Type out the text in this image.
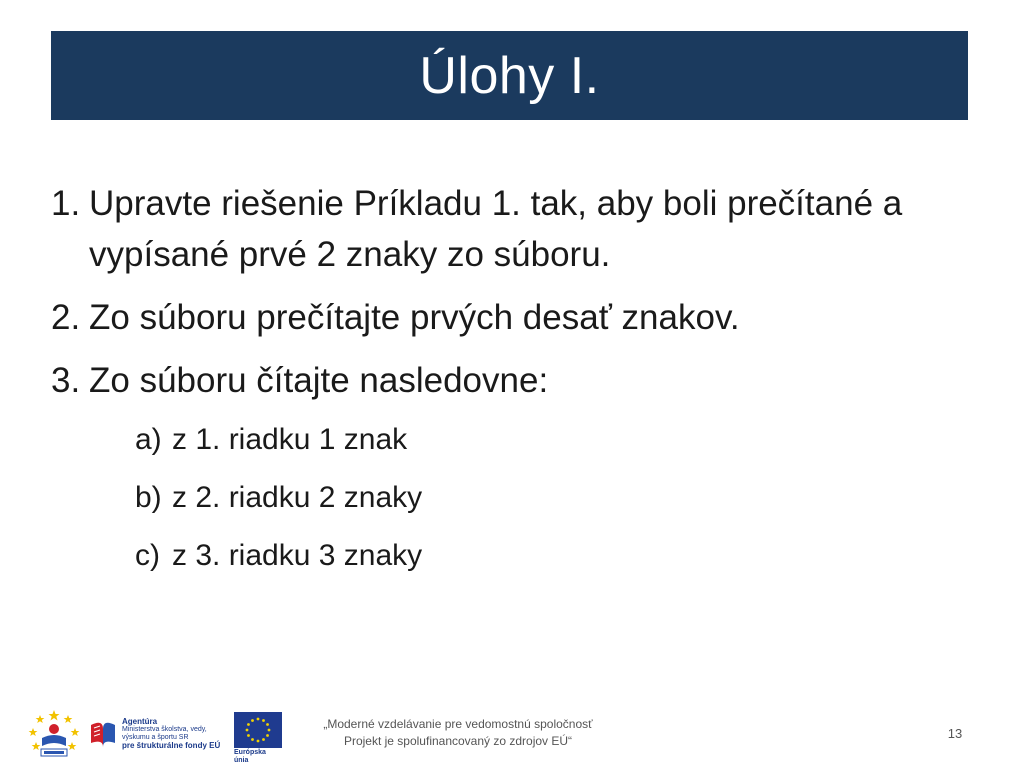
Úlohy I.
1. Upravte riešenie Príkladu 1. tak, aby boli prečítané a vypísané prvé 2 znaky zo súboru.
2. Zo súboru prečítajte prvých desať znakov.
3. Zo súboru čítajte nasledovne:
a) z 1. riadku 1 znak
b) z 2. riadku 2 znaky
c) z 3. riadku 3 znaky
Agentúra
Ministerstva školstva, vedy, výskumu a športu SR
pre štrukturálne fondy EÚ
Európska únia
„Moderné vzdelávanie pre vedomostnú spoločnosť
Projekt je spolufinancovaný zo zdrojov EÚ“	13
